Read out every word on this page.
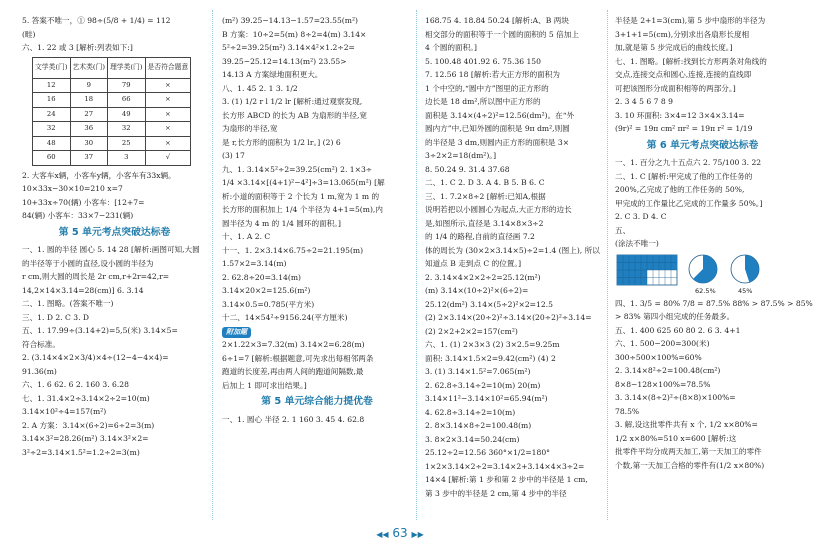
5. 答案不唯一，① 98÷(5/8 + 1/4) = 112
(畦)
六、1. 22 或 3 [解析:列表如下:]
文学类(门)	艺术类(门)	理学类(门)	是否符合题意
12	9	79	×
16	18	66	×
24	27	49	×
32	36	32	×
48	30	25	×
60	37	3	√
2. 大客车x辆，小客车y辆，小客车有33x辆。
10×33x−30×10=210 x=7
10+33x÷70(辆) 小客车：[12+7=
84(辆) 小客车：33×7−231(辆)
第 5 单元考点突破达标卷
一、1. 圆的半径 圆心 5. 14 28 [解析:画图可知,大圆
的半径等于小圆的直径,设小圆的半径为
r cm,则大圆的周长是 2r cm,r+2r=42,r=
14,2×14×3.14=28(cm)] 6. 3.14
二、1. 图略。(答案不唯一)
三、1. D 2. C 3. D
五、1. 17.99÷(3.14+2)=5,5(米) 3.14×5=
符合标准。
2. (3.14×4×2×3/4)×4÷(12−4−4×4)=
91.36(m)
六、1. 6 62. 6 2. 160 3. 6.28
七、1. 31.4×2÷3.14×2÷2=10(m)
3.14×10²÷4=157(m²)
2. A 方案：3.14×(6÷2)=6÷2=3(m)
3.14×3²=28.26(m²) 3.14×3²×2=
3²÷2=3.14×1.5²=1.2÷2=3(m)
(m²) 39.25−14.13−1.57=23.55(m²)
B 方案：10÷2=5(m) 8÷2=4(m) 3.14×
5²÷2=39.25(m²) 3.14×4²×1.2÷2=
39.25−25.12=14.13(m²) 23.55>
14.13 A 方案绿地面积更大。
八、1. 45 2. 1 3. 1/2
3. (1) 1/2 r l 1/2 lr [解析:通过观察发现,
长方形 ABCD 的长为 AB 为扇形的半径,宽
为扇形的半径,宽
是 r,长方形的面积为 1/2 lr。] (2) 6
(3) 17
九、1. 3.14×5²÷2=39.25(cm²) 2. 1×3÷
1/4 ×3.14×[(4+1)²−4²]÷3=13.065(m²) [解
析:小道的面积等于 2 个长为 1 m,宽为 1 m 的
长方形的面积加上 1/4 个半径为 4+1=5(m),内
圆半径为 4 m 的 1/4 圆环的面积。]
十、1. A 2. C
十一、1. 2×3.14×6.75÷2=21.195(m)
1.57×2=3.14(m)
2. 62.8÷20=3.14(m)
3.14×20×2=125.6(m²)
3.14×0.5=0.785(平方米)
十二、14×54²÷9156.24(平方厘米)
附加题
2×1.22×3=7.32(m) 3.14×2=6.28(m)
6÷1=7 [解析:根据题意,可先求出每相邻两条
跑道的长度差,再由两人间的跑道间隔数,最
后加上 1 即可求出结果。]
第 5 单元综合能力提优卷
一、1. 圆心 半径 2. 1 160 3. 45 4. 62.8
168.75 4. 18.84 50.24 [解析:A、B 两块
相交部分的面积等于一个圆的面积的 5 倍加上
4 个圆的面积。]
5. 100.48 401.92 6. 75.36 150
7. 12.56 18 [解析:若大正方形的面积为
1 个中空的,“圆中方”图里的正方形的
边长是 18 dm²,所以图中正方形的
面积是 3.14×(4÷2)²=12.56(dm²)。在“外
圆内方”中,已知外圆的面积是 9π dm²,则圆
的半径是 3 dm,则圆内正方形的面积是 3×
3÷2×2=18(dm²)。]
8. 50.24 9. 31.4 37.68
二、1. C 2. D 3. A 4. B 5. B 6. C
三、1. 7.2×8÷2 [解析:已知A,根据
说明若把以小圆圆心为起点,大正方形的边长
是,如图所示,直径是 3.14×8×3÷2
的 1/4 的路程,自前的直径画 7.2
体的周长为 (30×2×3.14×5)÷2=1.4 (图上), 所以
知道点 B 走到点 C 的位置。]
2. 3.14×4×2×2÷2=25.12(m²)
(m) 3.14×(10÷2)²×(6÷2)=
25.12(dm²) 3.14×(5÷2)²×2=12.5
(2) 2×3.14×(20÷2)²÷3.14×(20÷2)²÷3.14=
(2) 2×2+2×2=157(cm²)
六、1. (1) 2×3×3 (2) 3×2.5=9.25m
面积: 3.14×1.5×2=9.42(cm²) (4) 2
3. (1) 3.14×1.5²=7.065(m²)
2. 62.8÷3.14÷2=10(m) 20(m)
3.14×11²−3.14×10²=65.94(m²)
4. 62.8÷3.14÷2=10(m)
2. 8×3.14×8÷2=100.48(m)
3. 8×2×3.14=50.24(cm)
25.12÷2=12.56 360°×1/2=180°
1×2×3.14×2÷2=3.14×2+3.14×4×3÷2=
14×4 [解析:第 1 步和第 2 步中的半径是 1 cm,
第 3 步中的半径是 2 cm,第 4 步中的半径
半径是 2+1=3(cm),第 5 步中扇形的半径为
3+1+1=5(cm),分别求出各扇形长度相
加,就是第 5 步完成后的曲线长度。]
七、1. 图略。[解析:找到长方形两条对角线的
交点,连接交点和圆心,连接,连接的直线即
可把该图形分成面积相等的两部分。]
2. 3 4 5 6 7 8 9
3. 10 环面积: 3×4=12 3×4×3.14=
(9r)² = 19π cm² πr² = 19π r² = 1/19
第 6 单元考点突破达标卷
一、1. 百分之九十五点六 2. 75/100 3. 22
二、1. C [解析:甲完成了他的工作任务的
200%,乙完成了他的工作任务的 50%,
甲完成的工作量比乙完成的工作量多 50%。]
2. C 3. D 4. C
五、
(涂法不唯一)
62.5%	45%
四、1. 3/5 = 80% 7/8 = 87.5% 88% > 87.5% > 85%
> 83% 第四小组完成的任务最多。
五、1. 400 625 60 80 2. 6 3. 4+1
六、1. 500−200=300(米)
300÷500×100%=60%
2. 3.14×8²÷2=100.48(cm²)
8×8−128×100%=78.5%
3. 3.14×(8÷2)²÷(8×8)×100%=
78.5%
3. 解,设这批零件共有 x 个, 1/2 x×80%=
1/2 x×80%=510 x=600 [解析:这
批零件平均分成两天加工,第一天加工的零件
个数,第一天加工合格的零件有(1/2 x×80%)
◀◀ 63 ▶▶
